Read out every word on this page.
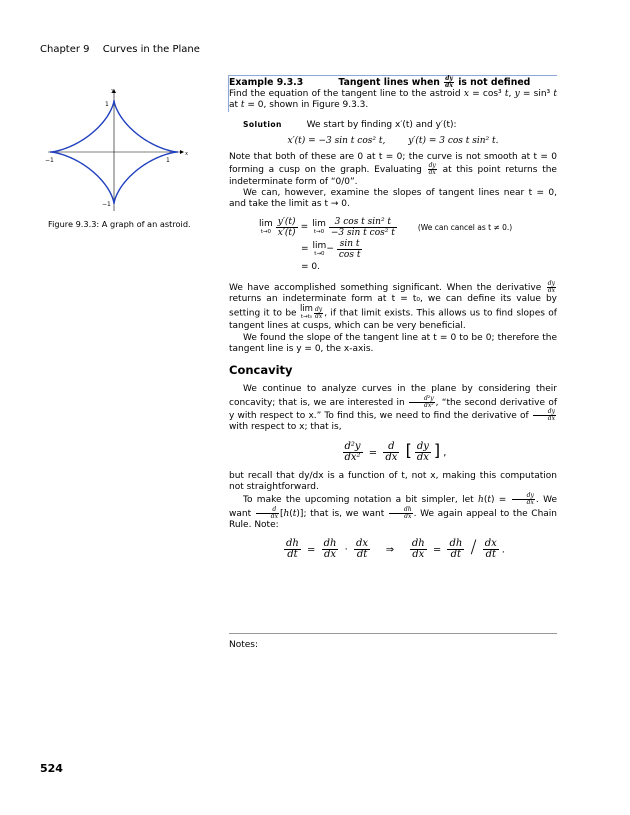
Chapter 9 Curves in the Plane
y
x
1
−1
−1	1
Figure 9.3.3: A graph of an astroid.
Example 9.3.3	Tangent lines when $\frac{dy}{dx}$ is not defined

Find the equation of the tangent line to the astroid x = cos³ t, y = sin³ t at t = 0, shown in Figure 9.3.3.

Solution	We start by finding x′(t) and y′(t):
x′(t) = −3 sin t cos² t,	y′(t) = 3 cos t sin² t.

Note that both of these are 0 at t = 0; the curve is not smooth at t = 0 forming a cusp on the graph. Evaluating $\frac{dy}{dx}$ at this point returns the indeterminate form of “0/0”.

We can, however, examine the slopes of tangent lines near t = 0, and take the limit as t → 0.

lim
$t\to 0 \frac{y'(t)}{x'(t)} = \lim$
t→0
3 cos t sin² t
−3 sin t cos² t
(We can cancel as t ≠ 0.)
= lim
$t\to 0 - \frac{\text{sin t}}{\text{cos t}}$
= 0.

We have accomplished something significant. When the derivative $\frac{dy}{dx}$
returns an indeterminate form at t = t₀, we can define its value by setting it to be lim
$t\to t_0 \frac{dy}{dx}$ , if that limit exists. This allows us to find slopes of tangent lines at cusps, which can be very beneficial.

We found the slope of the tangent line at t = 0 to be 0; therefore the tangent line is y = 0, the x-axis.

Concavity

We continue to analyze curves in the plane by considering their concavity; that is, we are interested in $\frac{\text{d²y}}{\text{dx²}}$ , “the second derivative of y with respect to x.” To find this, we need to find the derivative of $\frac{dy}{dx}$
with respect to x; that is,

$\frac{\text{d²y}}{\text{dx²}} = \frac{d}{dx}$ [ $\frac{dy}{dx}$ ] ,

but recall that dy/dx is a function of t, not x, making this computation not straightforward.

To make the upcoming notation a bit simpler, let $h(t) = \frac{dy}{dx}$ . We want $\frac{d}{dx} [h(t)]$; that is, we want $\frac{dh}{dx}$ . We again appeal to the Chain Rule. Note:

$\frac{dh}{dt} = \frac{dh}{dx} \cdot \frac{dx}{dt}$ ⇒ $\frac{dh}{dx} = \frac{dh}{dt} / \frac{dx}{dt}$ .
Notes:
524
